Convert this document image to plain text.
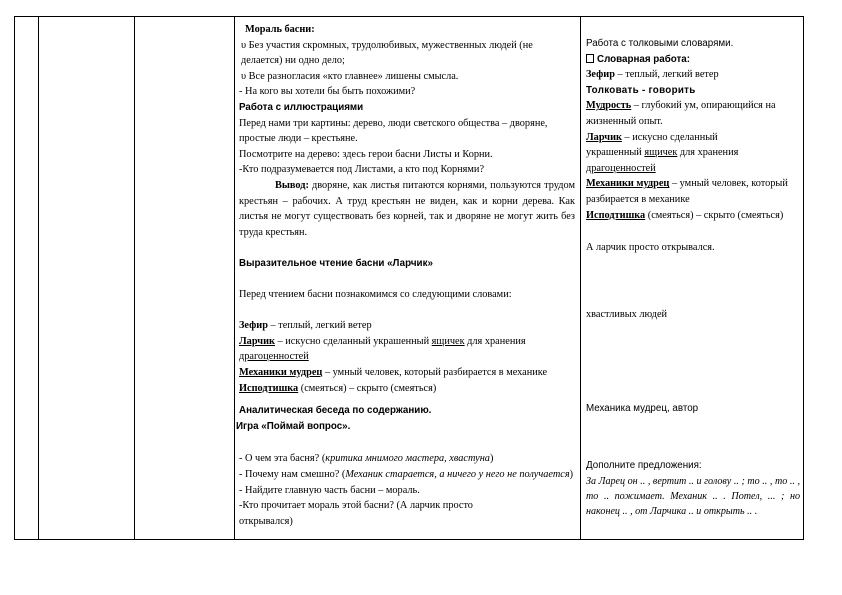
Мораль басни:

υ Без участия скромных, трудолюбивых, мужественных людей (не делается) ни одно дело;

υ Все разногласия «кто главнее» лишены смысла.

- На кого вы хотели бы быть похожими?

Работа с иллюстрациями

Перед нами три картины: дерево, люди светского общества – дворяне, простые люди – крестьяне.

Посмотрите на дерево: здесь герои басни Листы и Корни.

-Кто подразумевается под Листами, а кто под Корнями?

Вывод: дворяне, как листья питаются корнями, пользуются трудом крестьян – рабочих. А труд крестьян не виден, как и корни дерева. Как листья не могут существовать без корней, так и дворяне не могут жить без труда крестьян.

Выразительное чтение басни «Ларчик»

Перед чтением басни познакомимся со следующими словами:

Зефир – теплый, легкий ветер

Ларчик – искусно сделанный украшенный ящичек для хранения драгоценностей

Механики мудрец – умный человек, который разбирается в механике

Исподтишка (смеяться) – скрыто (смеяться)

Аналитическая беседа по содержанию.

Игра «Поймай вопрос».

- О чем эта басня? (критика мнимого мастера, хвастуна)

- Почему нам смешно? (Механик старается, а ничего у него не получается)

- Найдите главную часть басни – мораль.

-Кто прочитает мораль этой басни? (А ларчик просто открывался)

Работа с толковыми словарями.

Словарная работа:

Зефир – теплый, легкий ветер

Толковать - говорить

Мудрость – глубокий ум, опирающийся на жизненный опыт.

Ларчик – искусно сделанный украшенный ящичек для хранения драгоценностей

Механики мудрец – умный человек, который разбирается в механике

Исподтишка (смеяться) – скрыто (смеяться)

А ларчик просто открывался.

хвастливых людей

Механика мудрец, автор

Дополните предложения:

За Ларец он .. , вертит .. и голову .. ; то .. , то .. , то .. пожимает. Механик .. . Потел, ... ; но наконец .. , от Ларчика .. и открыть .. .
